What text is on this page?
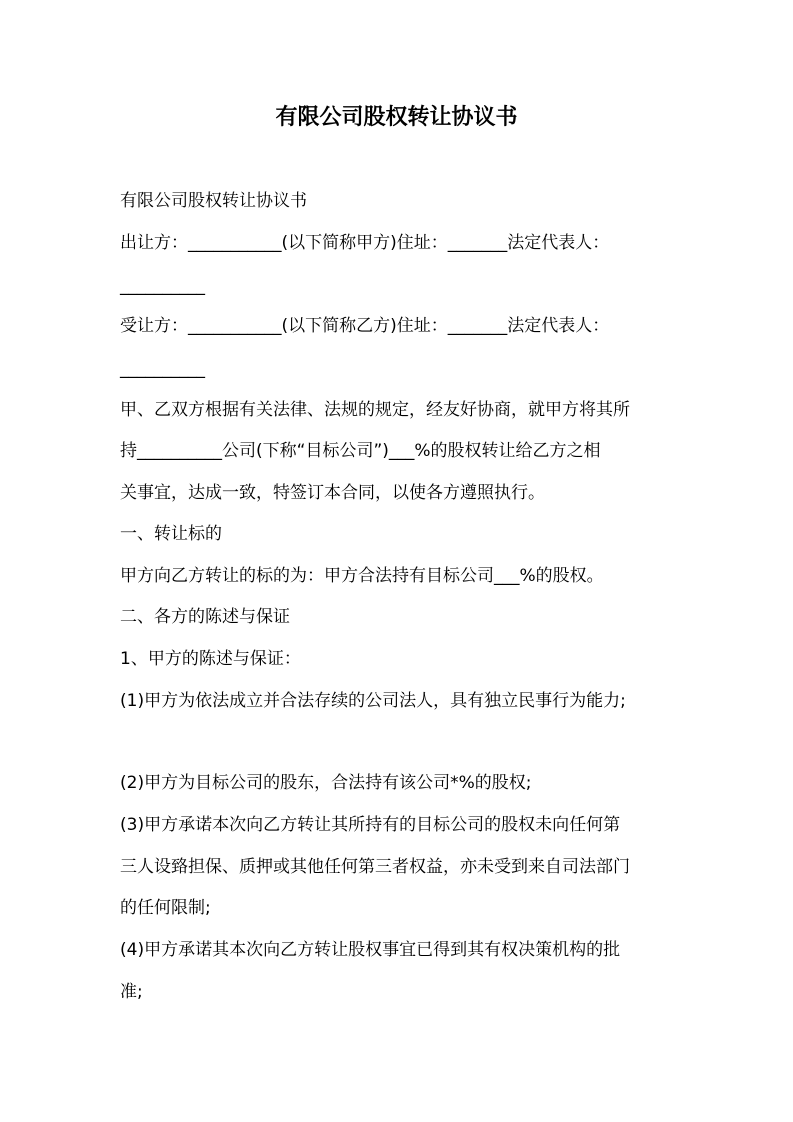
有限公司股权转让协议书
有限公司股权转让协议书
出让方：___________(以下简称甲方)住址：_______法定代表人：
__________
受让方：___________(以下简称乙方)住址：_______法定代表人：
__________
甲、乙双方根据有关法律、法规的规定，经友好协商，就甲方将其所
持__________公司(下称“目标公司”)___%的股权转让给乙方之相
关事宜，达成一致，特签订本合同，以使各方遵照执行。
一、转让标的
甲方向乙方转让的标的为：甲方合法持有目标公司___%的股权。
二、各方的陈述与保证
1、甲方的陈述与保证：
(1)甲方为依法成立并合法存续的公司法人，具有独立民事行为能力;
(2)甲方为目标公司的股东，合法持有该公司*%的股权;
(3)甲方承诺本次向乙方转让其所持有的目标公司的股权未向任何第
三人设臵担保、质押或其他任何第三者权益，亦未受到来自司法部门
的任何限制;
(4)甲方承诺其本次向乙方转让股权事宜已得到其有权决策机构的批
准;
